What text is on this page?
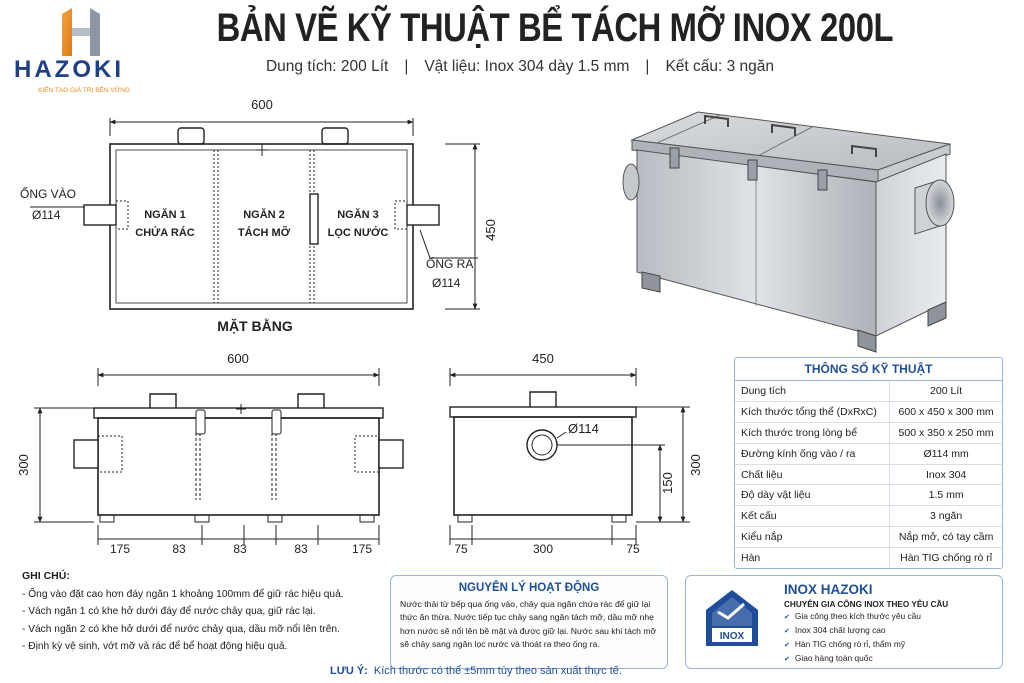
HAZOKI
KIẾN TẠO GIÁ TRỊ BỀN VỮNG
BẢN VẼ KỸ THUẬT BỂ TÁCH MỠ INOX 200L
Dung tích: 200 Lít | Vật liệu: Inox 304 dày 1.5 mm | Kết cấu: 3 ngăn
600
450
ỐNG VÀO
Ø114
ỐNG RA
Ø114
NGĂN 1
CHỨA RÁC
NGĂN 2
TÁCH MỠ
NGĂN 3
LỌC NƯỚC
MẶT BẰNG
600
300
175	83	83	83	175
450
Ø114
300
150
75	300	75
THÔNG SỐ KỸ THUẬT
Dung tích	200 Lít
Kích thước tổng thể (DxRxC)	600 x 450 x 300 mm
Kích thước trong lòng bể	500 x 350 x 250 mm
Đường kính ống vào / ra	Ø114 mm
Chất liệu	Inox 304
Độ dày vật liệu	1.5 mm
Kết cấu	3 ngăn
Kiểu nắp	Nắp mở, có tay cầm
Hàn	Hàn TIG chống rò rỉ
GHI CHÚ:
- Ống vào đặt cao hơn đáy ngăn 1 khoảng 100mm để giữ rác hiệu quả.
- Vách ngăn 1 có khe hở dưới đáy để nước chảy qua, giữ rác lại.
- Vách ngăn 2 có khe hở dưới để nước chảy qua, dầu mỡ nổi lên trên.
- Định kỳ vệ sinh, vớt mỡ và rác để bể hoạt động hiệu quả.
NGUYÊN LÝ HOẠT ĐỘNG
Nước thải từ bếp qua ống vào, chảy qua ngăn chứa rác để giữ lại thức ăn thừa. Nước tiếp tục chảy sang ngăn tách mỡ, dầu mỡ nhẹ hơn nước sẽ nổi lên bề mặt và được giữ lại. Nước sau khi tách mỡ sẽ chảy sang ngăn lọc nước và thoát ra theo ống ra.
INOX
INOX HAZOKI
CHUYÊN GIA CÔNG INOX THEO YÊU CẦU
✔ Gia công theo kích thước yêu cầu
✔ Inox 304 chất lượng cao
✔ Hàn TIG chống rò rỉ, thẩm mỹ
✔ Giao hàng toàn quốc
LƯU Ý: Kích thước có thể ±5mm tùy theo sản xuất thực tế.
